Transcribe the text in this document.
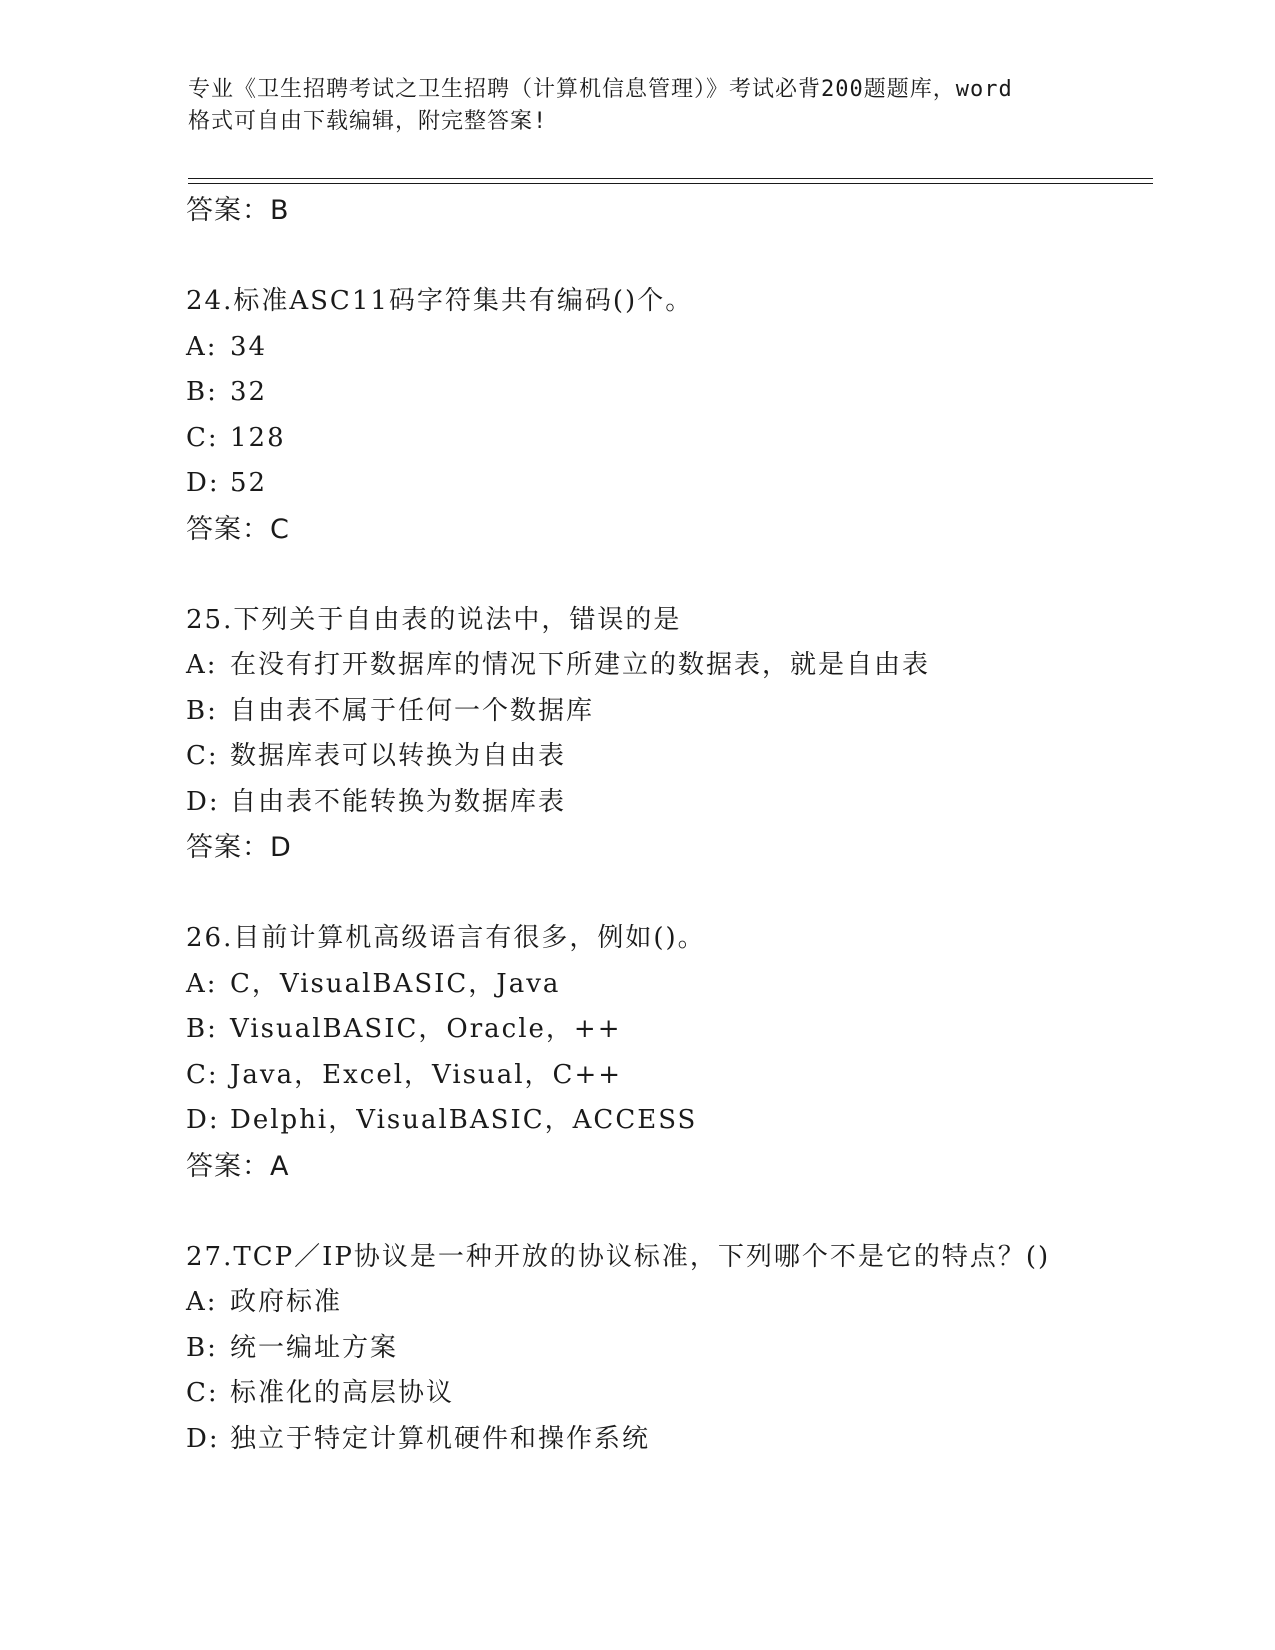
专业《卫生招聘考试之卫生招聘（计算机信息管理）》考试必背200题题库，word
格式可自由下载编辑，附完整答案!

答案：B

24.标准ASC11码字符集共有编码()个。

A: 34

B: 32

C: 128

D: 52

答案：C

25.下列关于自由表的说法中，错误的是

A: 在没有打开数据库的情况下所建立的数据表，就是自由表

B: 自由表不属于任何一个数据库

C: 数据库表可以转换为自由表

D: 自由表不能转换为数据库表

答案：D

26.目前计算机高级语言有很多，例如()。

A: C，VisualBASIC，Java

B: VisualBASIC，Oracle，++

C: Java，Excel，Visual，C++

D: Delphi，VisualBASIC，ACCESS

答案：A

27.TCP／IP协议是一种开放的协议标准，下列哪个不是它的特点？()

A: 政府标准

B: 统一编址方案

C: 标准化的高层协议

D: 独立于特定计算机硬件和操作系统
